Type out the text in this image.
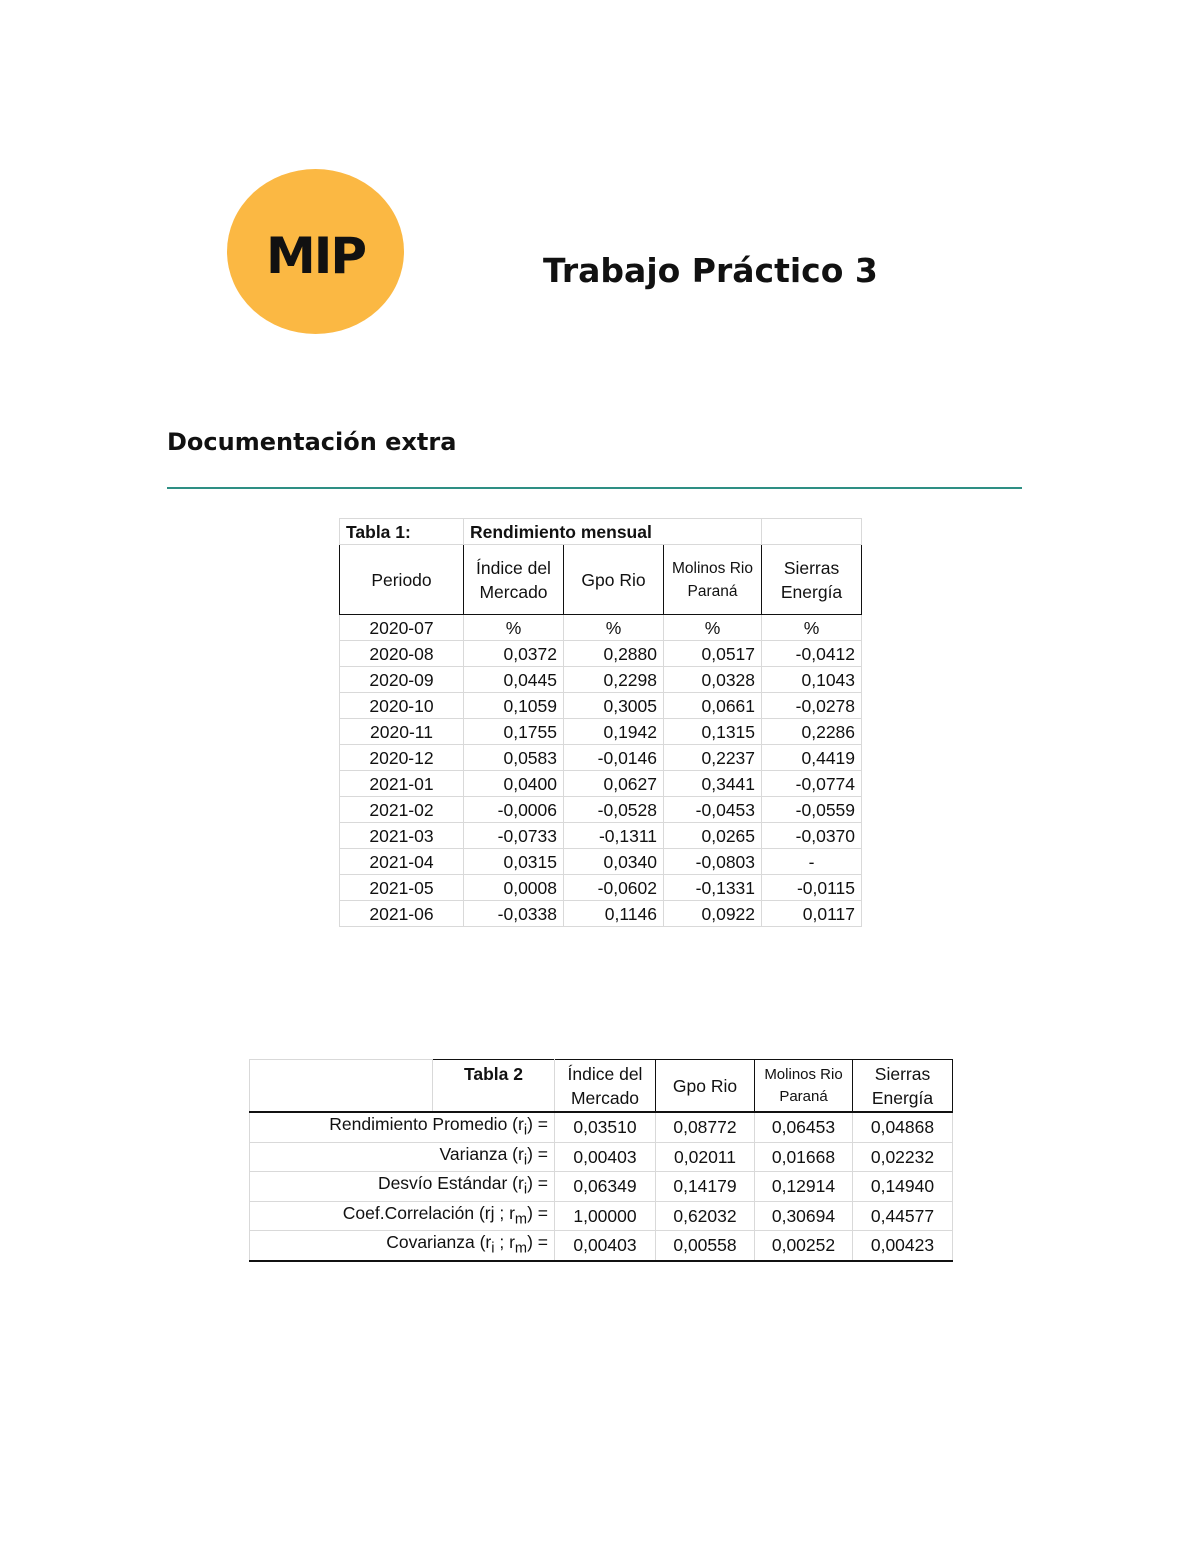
MIP	Trabajo Práctico 3
Documentación extra
Tabla 1:	Rendimiento mensual			
Periodo	Índice del Mercado	Gpo Rio	Molinos Rio Paraná	Sierras Energía
2020-07	%	%	%	%
2020-08	0,0372	0,2880	0,0517	-0,0412
2020-09	0,0445	0,2298	0,0328	0,1043
2020-10	0,1059	0,3005	0,0661	-0,0278
2020-11	0,1755	0,1942	0,1315	0,2286
2020-12	0,0583	-0,0146	0,2237	0,4419
2021-01	0,0400	0,0627	0,3441	-0,0774
2021-02	-0,0006	-0,0528	-0,0453	-0,0559
2021-03	-0,0733	-0,1311	0,0265	-0,0370
2021-04	0,0315	0,0340	-0,0803	-
2021-05	0,0008	-0,0602	-0,1331	-0,0115
2021-06	-0,0338	0,1146	0,0922	0,0117
	Tabla 2	Índice del Mercado	Gpo Rio	Molinos Rio Paraná	Sierras Energía
Rendimiento Promedio $(r_i)$ =		0,03510	0,08772	0,06453	0,04868
Varianza $(r_i)$ =		0,00403	0,02011	0,01668	0,02232
Desvío Estándar $(r_i)$ =		0,06349	0,14179	0,12914	0,14940
Coef.Correlación (rj ; $r_m$) =		1,00000	0,62032	0,30694	0,44577
Covarianza ($r_i$ ; $r_m$) =		0,00403	0,00558	0,00252	0,00423
